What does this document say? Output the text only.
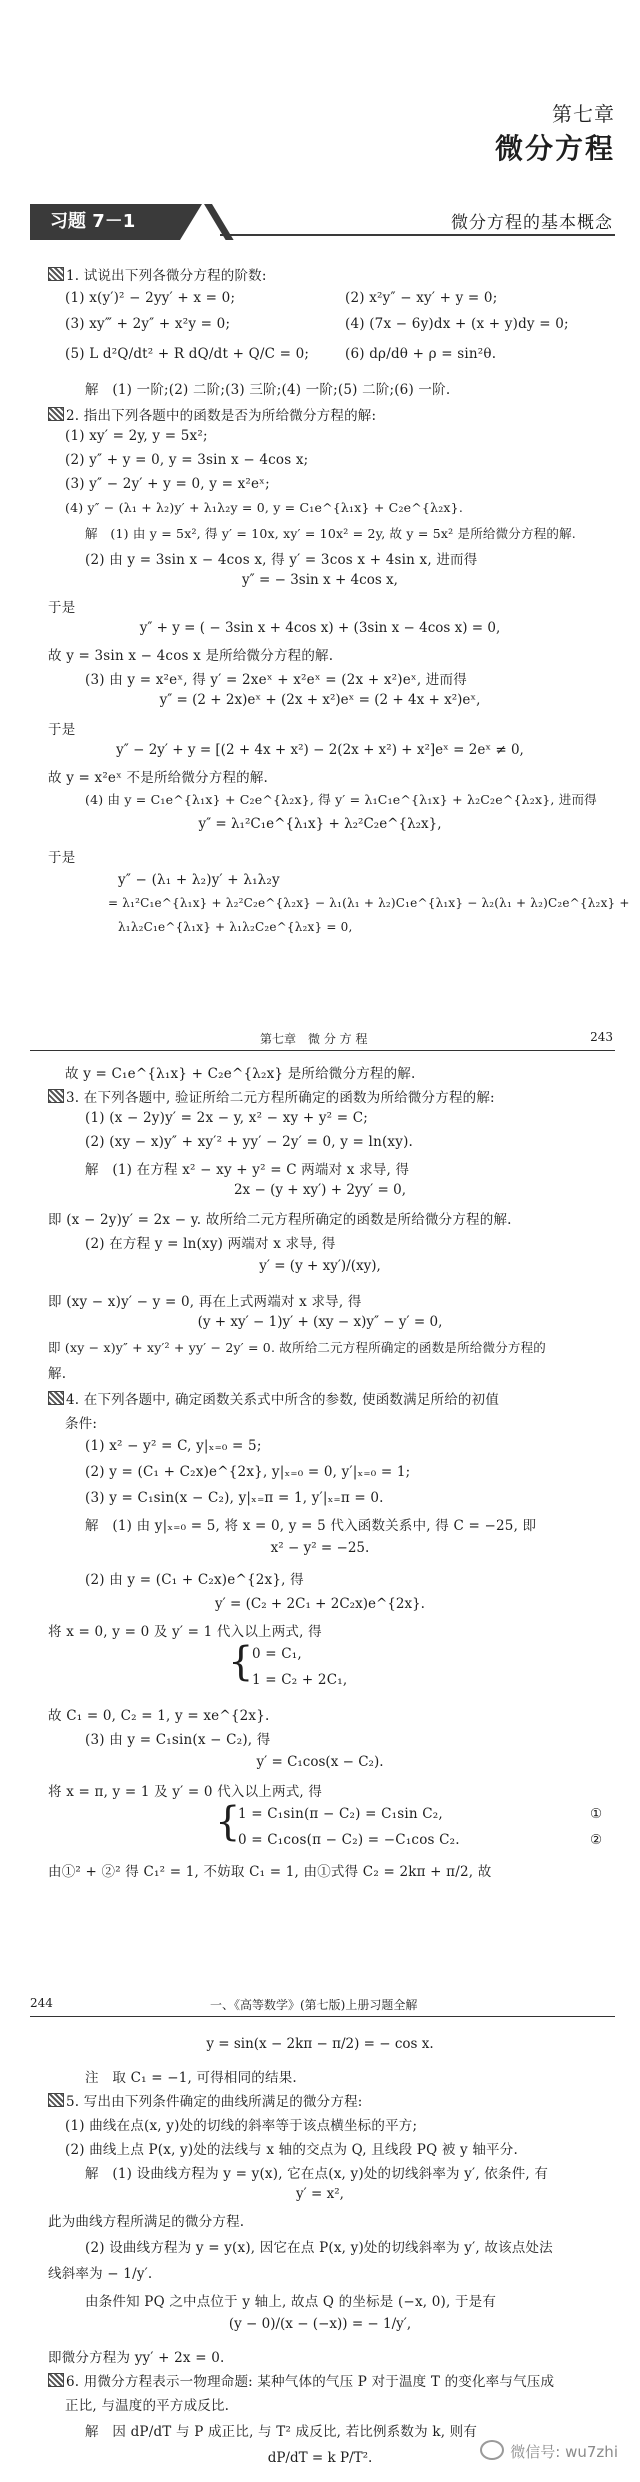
第七章
微分方程
习题 7－1	微分方程的基本概念
1. 试说出下列各微分方程的阶数:
(1) x(y′)² − 2yy′ + x = 0;	(2) x²y″ − xy′ + y = 0;
(3) xy‴ + 2y″ + x²y = 0;	(4) (7x − 6y)dx + (x + y)dy = 0;
(5) L d²Q/dt² + R dQ/dt + Q/C = 0;	(6) dρ/dθ + ρ = sin²θ.
解　(1) 一阶;(2) 二阶;(3) 三阶;(4) 一阶;(5) 二阶;(6) 一阶.
2. 指出下列各题中的函数是否为所给微分方程的解:
(1) xy′ = 2y, y = 5x²;
(2) y″ + y = 0, y = 3sin x − 4cos x;
(3) y″ − 2y′ + y = 0, y = x²eˣ;
(4) y″ − (λ₁ + λ₂)y′ + λ₁λ₂y = 0, y = C₁e^{λ₁x} + C₂e^{λ₂x}.
解　(1) 由 y = 5x², 得 y′ = 10x, xy′ = 10x² = 2y, 故 y = 5x² 是所给微分方程的解.
(2) 由 y = 3sin x − 4cos x, 得 y′ = 3cos x + 4sin x, 进而得
y″ = − 3sin x + 4cos x,
于是
y″ + y = ( − 3sin x + 4cos x) + (3sin x − 4cos x) = 0,
故 y = 3sin x − 4cos x 是所给微分方程的解.
(3) 由 y = x²eˣ, 得 y′ = 2xeˣ + x²eˣ = (2x + x²)eˣ, 进而得
y″ = (2 + 2x)eˣ + (2x + x²)eˣ = (2 + 4x + x²)eˣ,
于是
y″ − 2y′ + y = [(2 + 4x + x²) − 2(2x + x²) + x²]eˣ = 2eˣ ≠ 0,
故 y = x²eˣ 不是所给微分方程的解.
(4) 由 y = C₁e^{λ₁x} + C₂e^{λ₂x}, 得 y′ = λ₁C₁e^{λ₁x} + λ₂C₂e^{λ₂x}, 进而得
y″ = λ₁²C₁e^{λ₁x} + λ₂²C₂e^{λ₂x},
于是
y″ − (λ₁ + λ₂)y′ + λ₁λ₂y
= λ₁²C₁e^{λ₁x} + λ₂²C₂e^{λ₂x} − λ₁(λ₁ + λ₂)C₁e^{λ₁x} − λ₂(λ₁ + λ₂)C₂e^{λ₂x} +
λ₁λ₂C₁e^{λ₁x} + λ₁λ₂C₂e^{λ₂x} = 0,
第七章　微 分 方 程	243
故 y = C₁e^{λ₁x} + C₂e^{λ₂x} 是所给微分方程的解.
3. 在下列各题中, 验证所给二元方程所确定的函数为所给微分方程的解:
(1) (x − 2y)y′ = 2x − y, x² − xy + y² = C;
(2) (xy − x)y″ + xy′² + yy′ − 2y′ = 0, y = ln(xy).
解　(1) 在方程 x² − xy + y² = C 两端对 x 求导, 得
2x − (y + xy′) + 2yy′ = 0,
即 (x − 2y)y′ = 2x − y. 故所给二元方程所确定的函数是所给微分方程的解.
(2) 在方程 y = ln(xy) 两端对 x 求导, 得
y′ = (y + xy′)/(xy),
即 (xy − x)y′ − y = 0, 再在上式两端对 x 求导, 得
(y + xy′ − 1)y′ + (xy − x)y″ − y′ = 0,
即 (xy − x)y″ + xy′² + yy′ − 2y′ = 0. 故所给二元方程所确定的函数是所给微分方程的
解.
4. 在下列各题中, 确定函数关系式中所含的参数, 使函数满足所给的初值
条件:
(1) x² − y² = C, y|ₓ₌₀ = 5;
(2) y = (C₁ + C₂x)e^{2x}, y|ₓ₌₀ = 0, y′|ₓ₌₀ = 1;
(3) y = C₁sin(x − C₂), y|ₓ₌π = 1, y′|ₓ₌π = 0.
解　(1) 由 y|ₓ₌₀ = 5, 将 x = 0, y = 5 代入函数关系中, 得 C = −25, 即
x² − y² = −25.
(2) 由 y = (C₁ + C₂x)e^{2x}, 得
y′ = (C₂ + 2C₁ + 2C₂x)e^{2x}.
将 x = 0, y = 0 及 y′ = 1 代入以上两式, 得
{
0 = C₁,
1 = C₂ + 2C₁,
故 C₁ = 0, C₂ = 1, y = xe^{2x}.
(3) 由 y = C₁sin(x − C₂), 得
y′ = C₁cos(x − C₂).
将 x = π, y = 1 及 y′ = 0 代入以上两式, 得
{
1 = C₁sin(π − C₂) = C₁sin C₂,
0 = C₁cos(π − C₂) = −C₁cos C₂.
①
②
由①² + ②² 得 C₁² = 1, 不妨取 C₁ = 1, 由①式得 C₂ = 2kπ + π/2, 故
244	一、《高等数学》(第七版)上册习题全解
y = sin(x − 2kπ − π/2) = − cos x.
注　取 C₁ = −1, 可得相同的结果.
5. 写出由下列条件确定的曲线所满足的微分方程:
(1) 曲线在点(x, y)处的切线的斜率等于该点横坐标的平方;
(2) 曲线上点 P(x, y)处的法线与 x 轴的交点为 Q, 且线段 PQ 被 y 轴平分.
解　(1) 设曲线方程为 y = y(x), 它在点(x, y)处的切线斜率为 y′, 依条件, 有
y′ = x²,
此为曲线方程所满足的微分方程.
(2) 设曲线方程为 y = y(x), 因它在点 P(x, y)处的切线斜率为 y′, 故该点处法
线斜率为 − 1/y′.
由条件知 PQ 之中点位于 y 轴上, 故点 Q 的坐标是 (−x, 0), 于是有
(y − 0)/(x − (−x)) = − 1/y′,
即微分方程为 yy′ + 2x = 0.
6. 用微分方程表示一物理命题: 某种气体的气压 P 对于温度 T 的变化率与气压成
正比, 与温度的平方成反比.
解　因 dP/dT 与 P 成正比, 与 T² 成反比, 若比例系数为 k, 则有
dP/dT = k P/T².	微信号: wu7zhi
